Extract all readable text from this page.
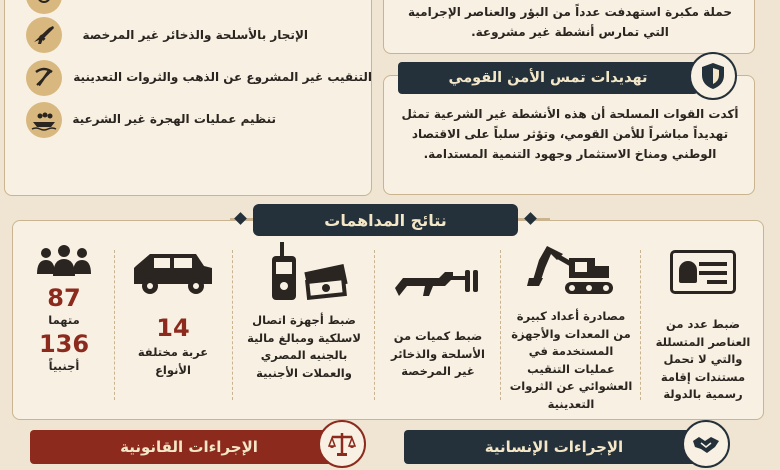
الإتجار بالأسلحة والذخائر غير المرخصة
التنقيب غير المشروع عن الذهب والثروات التعدينية
تنظيم عمليات الهجرة غير الشرعية
حملة مكبرة استهدفت عدداً من البؤر والعناصر الإجرامية التي تمارس أنشطة غير مشروعة.
تهديدات تمس الأمن القومي
أكدت القوات المسلحة أن هذه الأنشطة غير الشرعية تمثل تهديداً مباشراً للأمن القومي، وتؤثر سلباً على الاقتصاد الوطني ومناخ الاستثمار وجهود التنمية المستدامة.
نتائج المداهمات
ضبط عدد من العناصر المتسللة والتي لا تحمل مستندات إقامة رسمية بالدولة
مصادرة أعداد كبيرة من المعدات والأجهزة المستخدمة في عمليات التنقيب العشوائي عن الثروات التعدينية
ضبط كميات من الأسلحة والذخائر غير المرخصة
ضبط أجهزة اتصال لاسلكية ومبالغ مالية بالجنيه المصري والعملات الأجنبية
14
عربة مختلفة الأنواع
87
متهما
136
أجنبياً
الإجراءات القانونية	الإجراءات الإنسانية
